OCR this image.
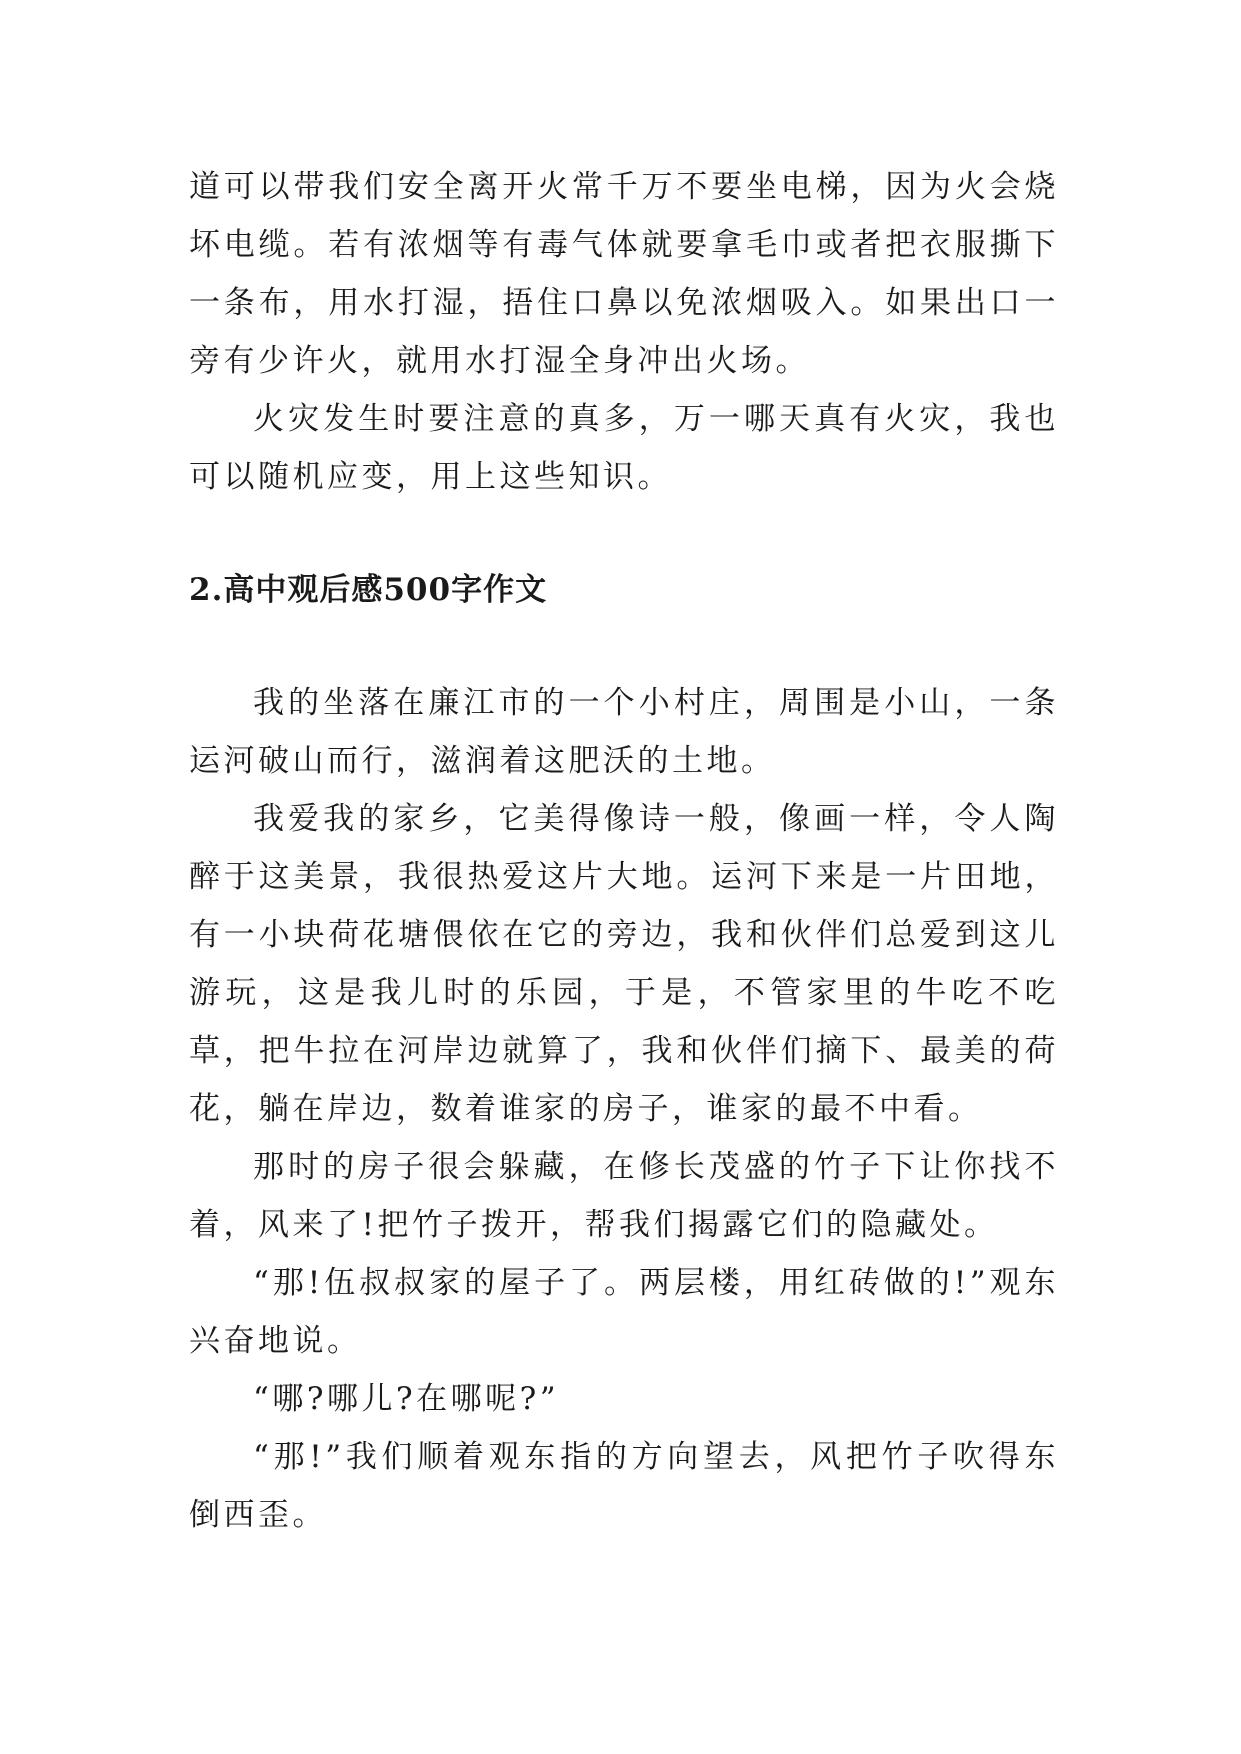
道可以带我们安全离开火常千万不要坐电梯，因为火会烧坏电缆。若有浓烟等有毒气体就要拿毛巾或者把衣服撕下一条布，用水打湿，捂住口鼻以免浓烟吸入。如果出口一旁有少许火，就用水打湿全身冲出火场。

火灾发生时要注意的真多，万一哪天真有火灾，我也可以随机应变，用上这些知识。

2.高中观后感500字作文

我的坐落在廉江市的一个小村庄，周围是小山，一条运河破山而行，滋润着这肥沃的土地。

我爱我的家乡，它美得像诗一般，像画一样，令人陶醉于这美景，我很热爱这片大地。运河下来是一片田地，有一小块荷花塘偎依在它的旁边，我和伙伴们总爱到这儿游玩，这是我儿时的乐园，于是，不管家里的牛吃不吃草，把牛拉在河岸边就算了，我和伙伴们摘下、最美的荷花，躺在岸边，数着谁家的房子，谁家的最不中看。

那时的房子很会躲藏，在修长茂盛的竹子下让你找不着，风来了!把竹子拨开，帮我们揭露它们的隐藏处。

“那!伍叔叔家的屋子了。两层楼，用红砖做的!”观东兴奋地说。

“哪?哪儿?在哪呢?”

“那!”我们顺着观东指的方向望去，风把竹子吹得东倒西歪。
